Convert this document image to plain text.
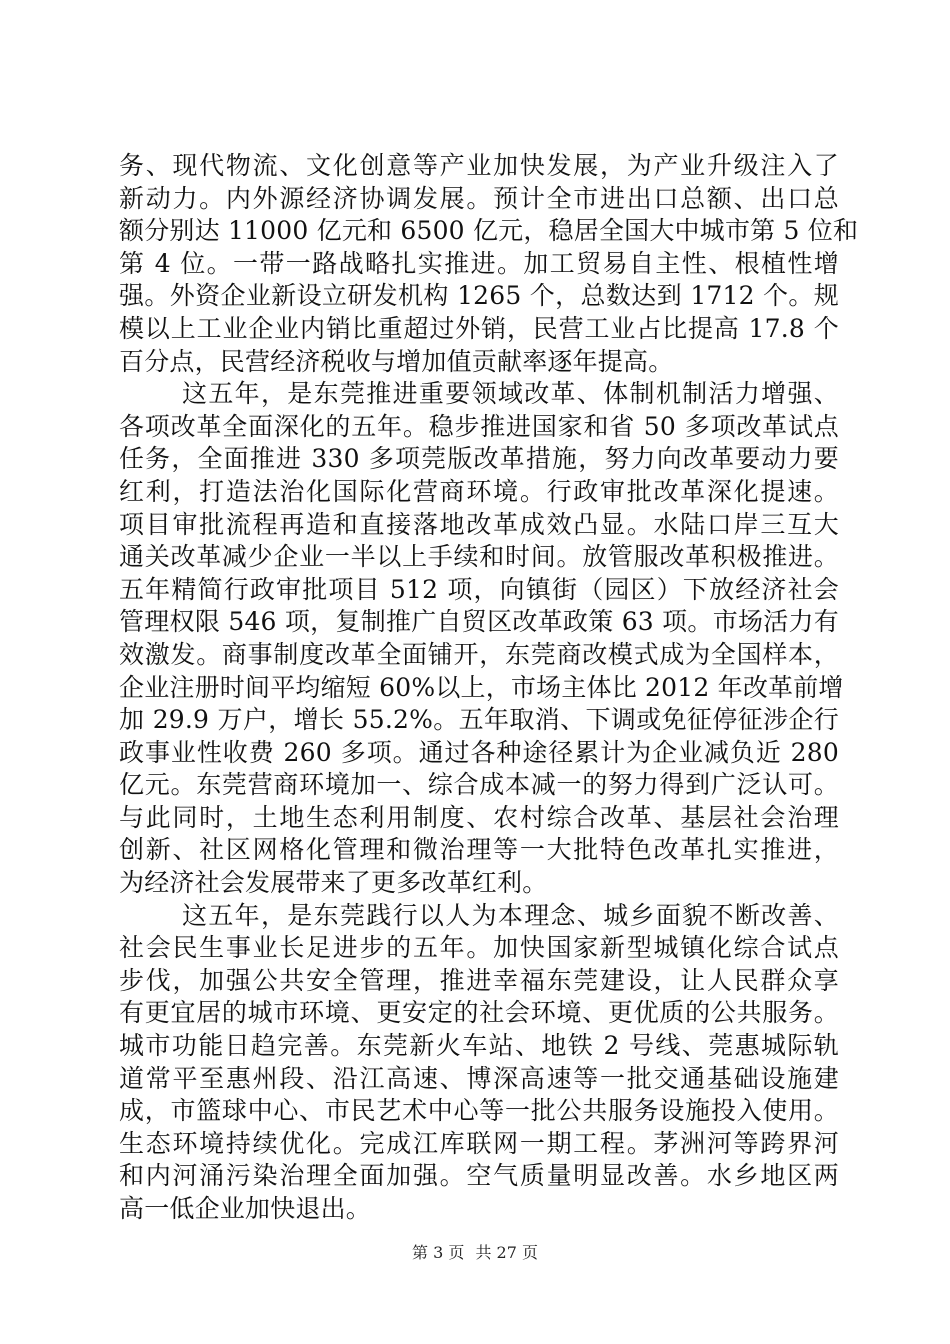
务、现代物流、文化创意等产业加快发展，为产业升级注入了
新动力。内外源经济协调发展。预计全市进出口总额、出口总
额分别达 11000 亿元和 6500 亿元，稳居全国大中城市第 5 位和
第 4 位。一带一路战略扎实推进。加工贸易自主性、根植性增
强。外资企业新设立研发机构 1265 个，总数达到 1712 个。规
模以上工业企业内销比重超过外销，民营工业占比提高 17.8 个
百分点，民营经济税收与增加值贡献率逐年提高。
这五年，是东莞推进重要领域改革、体制机制活力增强、
各项改革全面深化的五年。稳步推进国家和省 50 多项改革试点
任务，全面推进 330 多项莞版改革措施，努力向改革要动力要
红利，打造法治化国际化营商环境。行政审批改革深化提速。
项目审批流程再造和直接落地改革成效凸显。水陆口岸三互大
通关改革减少企业一半以上手续和时间。放管服改革积极推进。
五年精简行政审批项目 512 项，向镇街（园区）下放经济社会
管理权限 546 项，复制推广自贸区改革政策 63 项。市场活力有
效激发。商事制度改革全面铺开，东莞商改模式成为全国样本，
企业注册时间平均缩短 60%以上，市场主体比 2012 年改革前增
加 29.9 万户，增长 55.2%。五年取消、下调或免征停征涉企行
政事业性收费 260 多项。通过各种途径累计为企业减负近 280
亿元。东莞营商环境加一、综合成本减一的努力得到广泛认可。
与此同时，土地生态利用制度、农村综合改革、基层社会治理
创新、社区网格化管理和微治理等一大批特色改革扎实推进，
为经济社会发展带来了更多改革红利。
这五年，是东莞践行以人为本理念、城乡面貌不断改善、
社会民生事业长足进步的五年。加快国家新型城镇化综合试点
步伐，加强公共安全管理，推进幸福东莞建设，让人民群众享
有更宜居的城市环境、更安定的社会环境、更优质的公共服务。
城市功能日趋完善。东莞新火车站、地铁 2 号线、莞惠城际轨
道常平至惠州段、沿江高速、博深高速等一批交通基础设施建
成，市篮球中心、市民艺术中心等一批公共服务设施投入使用。
生态环境持续优化。完成江库联网一期工程。茅洲河等跨界河
和内河涌污染治理全面加强。空气质量明显改善。水乡地区两
高一低企业加快退出。
第 3 页 共 27 页
